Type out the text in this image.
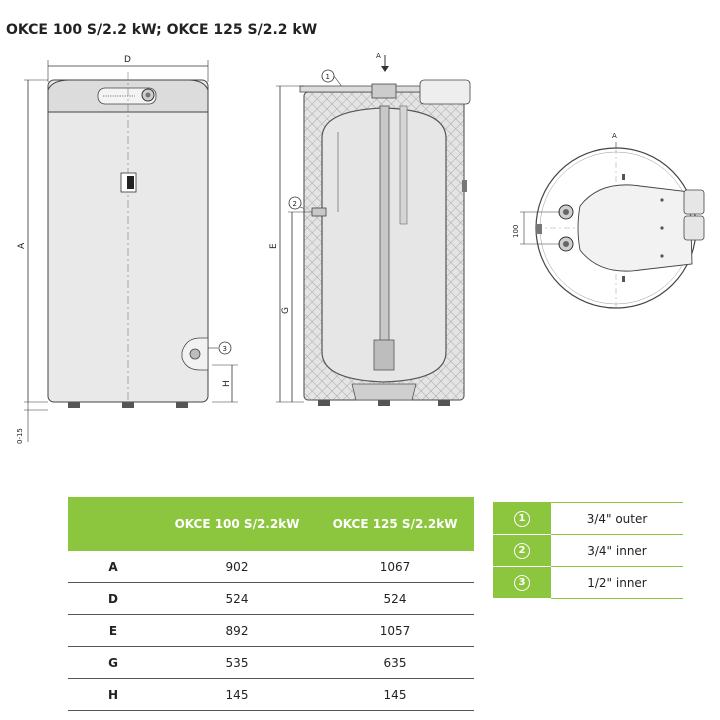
OKCE 100 S/2.2 kW; OKCE 125 S/2.2 kW
D
3
H
A
0-15
A
1
2
E
G
A
100
	OKCE 100 S/2.2kW	OKCE 125 S/2.2kW
A	902	1067
D	524	524
E	892	1057
G	535	635
H	145	145
1	3/4" outer
2	3/4" inner
3	1/2" inner
